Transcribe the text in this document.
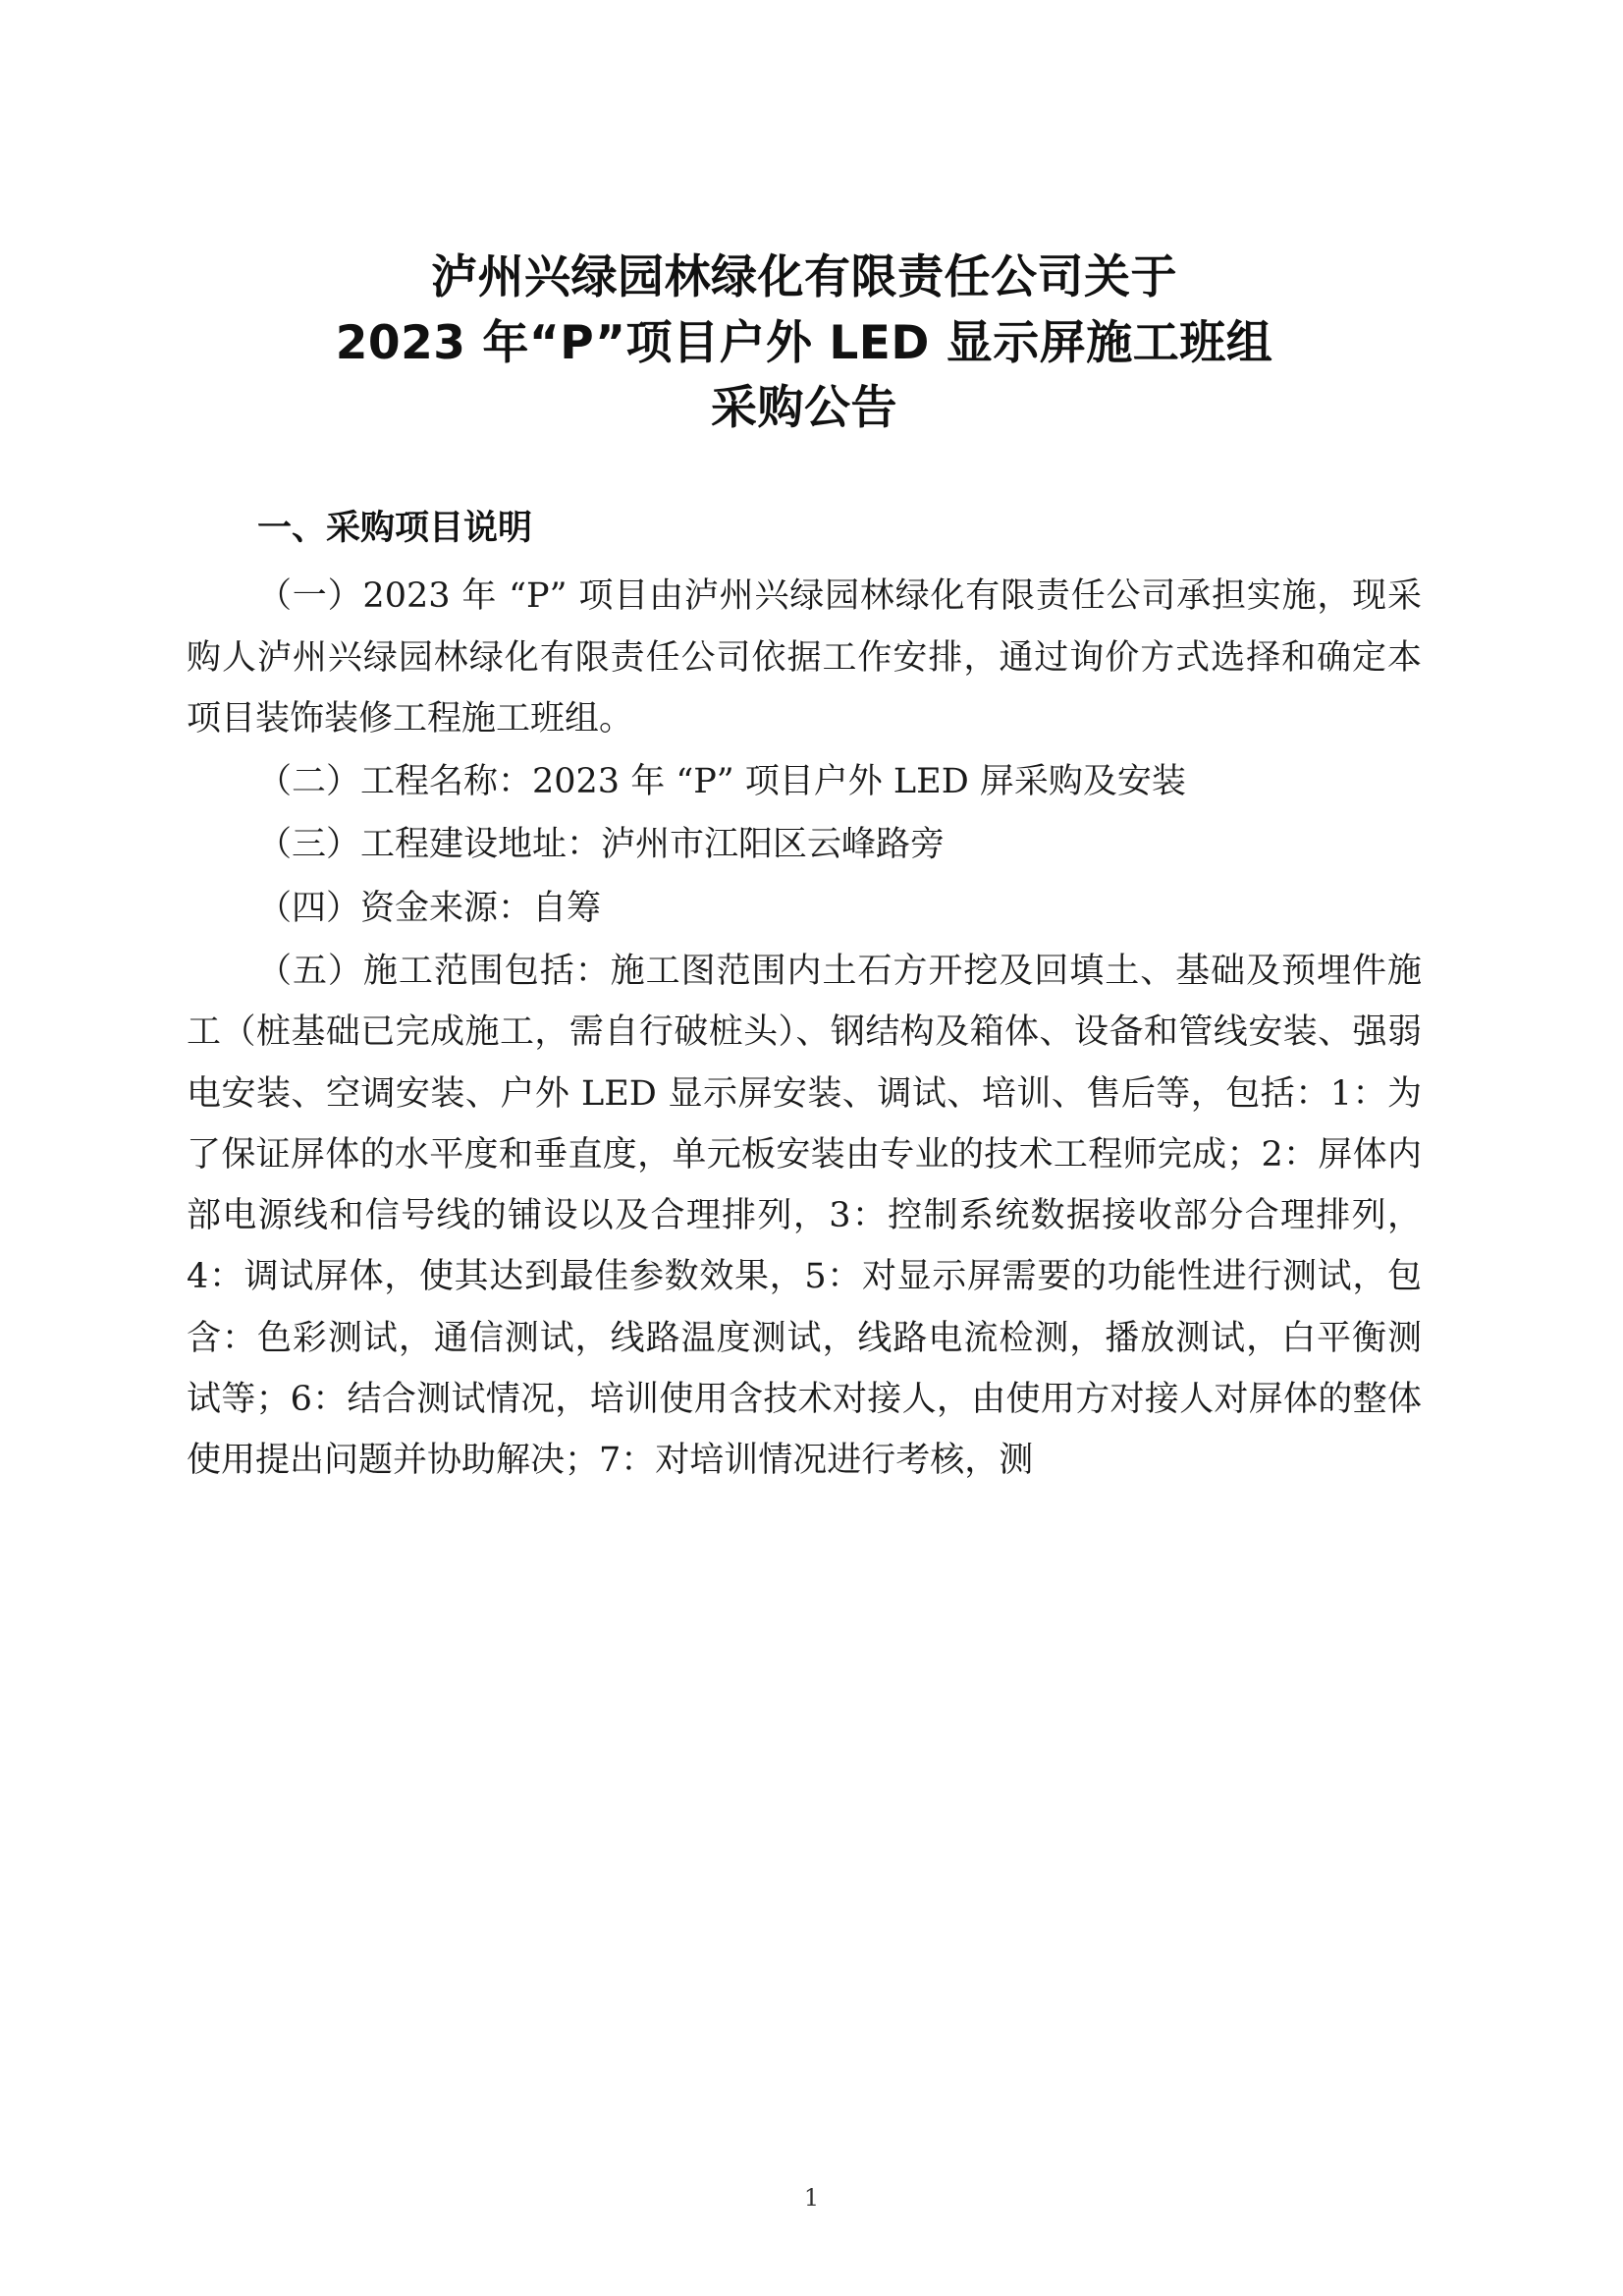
泸州兴绿园林绿化有限责任公司关于
2023 年“P”项目户外 LED 显示屏施工班组
采购公告
一、采购项目说明

（一）2023 年 “P” 项目由泸州兴绿园林绿化有限责任公司承担实施，现采购人泸州兴绿园林绿化有限责任公司依据工作安排，通过询价方式选择和确定本项目装饰装修工程施工班组。

（二）工程名称：2023 年 “P” 项目户外 LED 屏采购及安装

（三）工程建设地址：泸州市江阳区云峰路旁

（四）资金来源：自筹

（五）施工范围包括：施工图范围内土石方开挖及回填土、基础及预埋件施工（桩基础已完成施工，需自行破桩头）、钢结构及箱体、设备和管线安装、强弱电安装、空调安装、户外 LED 显示屏安装、调试、培训、售后等，包括：1：为了保证屏体的水平度和垂直度，单元板安装由专业的技术工程师完成；2：屏体内部电源线和信号线的铺设以及合理排列，3：控制系统数据接收部分合理排列，4：调试屏体，使其达到最佳参数效果，5：对显示屏需要的功能性进行测试，包含：色彩测试，通信测试，线路温度测试，线路电流检测，播放测试，白平衡测试等；6：结合测试情况，培训使用含技术对接人，由使用方对接人对屏体的整体使用提出问题并协助解决；7：对培训情况进行考核，测

1
